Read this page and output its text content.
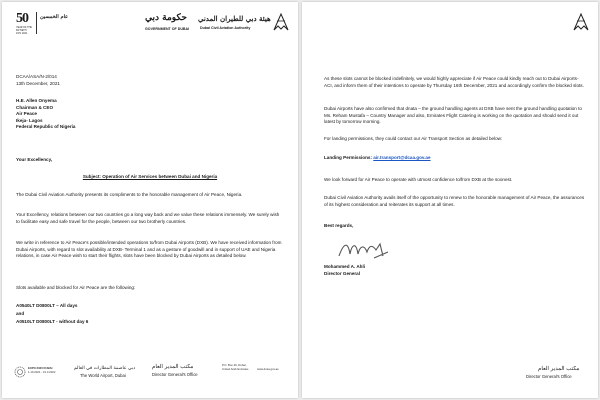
50
YEAR OF THE FIFTIETH
1971 2021
عام الخمسين	حكومة دبي
GOVERNMENT OF DUBAI
هيئة دبي للطيران المدني
Dubai Civil Aviation Authority
DCAA/ASA/N-2/014
13th December, 2021
H.E. Allen Onyema
Chairman & CEO
Air Peace
Ikeja- Lagos
Federal Republic of Nigeria
Your Excellency,
Subject: Operation of Air Services between Dubai and Nigeria
The Dubai Civil Aviation Authority presents its compliments to the honorable management of Air Peace, Nigeria.
Your Excellency, relations between our two countries go a long way back and we value these relations immensely. We surely wish to facilitate easy and safe travel for the people, between our two brotherly countries.
We write in reference to Air Peace's possible/intended operations to/from Dubai Airports (DXB). We have received information from Dubai Airports, with regard to slot availability at DXB- Terminal 1 and as a gesture of goodwill and in support of UAE and Nigeria relations, in case Air Peace wish to start their flights, slots have been blocked by Dubai Airports as detailed below.
Slots available and blocked for Air Peace are the following:
A0540LT D0800LT – All days
and
A0510LT D0800LT - without day 6
EXPO 2020 DUBAI
1.10.2021 - 31.3.2022
دبي عاصمة المطارات في العالم
The World Airport, Dubai
مكتب المدير العام
Director General's Office
P.O. Box 49, Dubai,
United Arab Emirates	www.dcaa.gov.ae
As these slots cannot be blocked indefinitely, we would highly appreciate if Air Peace could kindly reach out to Dubai Airports- ACI, and inform them of their intentions to operate by Thursday 16th December, 2021 and accordingly confirm the blocked slots.
Dubai Airports have also confirmed that dnata – the ground handling agents at DXB have sent the ground handling quotation to Ms. Reham Mustafa – Country Manager and also, Emirates Flight Catering is working on the quotation and should send it out latest by tomorrow morning.
For landing permissions, they could contact our Air Transport Section as detailed below:
Landing Permissions: air.transport@dcaa.gov.ae
We look forward for Air Peace to operate with utmost confidence to/from DXB at the soonest.
Dubai Civil Aviation Authority avails itself of the opportunity to renew to the honorable management of Air Peace, the assurances of its highest consideration and reiterates its support at all times.
Best regards,
Mohammed A. Ahli
Director General
مكتب المدير العام
Director General's Office
